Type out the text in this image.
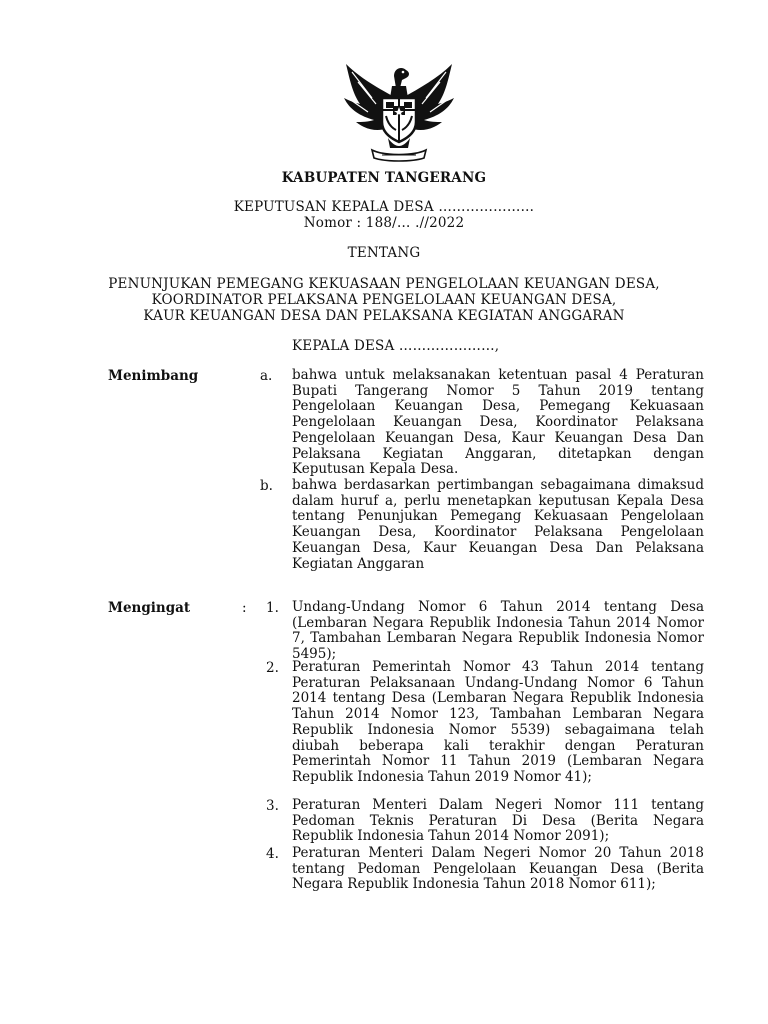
KABUPATEN TANGERANG
KEPUTUSAN KEPALA DESA …………………
Nomor : 188/… .//2022
TENTANG
PENUNJUKAN PEMEGANG KEKUASAAN PENGELOLAAN KEUANGAN DESA,
KOORDINATOR PELAKSANA PENGELOLAAN KEUANGAN DESA,
KAUR KEUANGAN DESA DAN PELAKSANA KEGIATAN ANGGARAN
KEPALA DESA …………………,
Menimbang	a. bahwa untuk melaksanakan ketentuan pasal 4 Peraturan Bupati Tangerang Nomor 5 Tahun 2019 tentang Pengelolaan Keuangan Desa, Pemegang Kekuasaan Pengelolaan Keuangan Desa, Koordinator Pelaksana Pengelolaan Keuangan Desa, Kaur Keuangan Desa Dan Pelaksana Kegiatan Anggaran, ditetapkan dengan Keputusan Kepala Desa.
b. bahwa berdasarkan pertimbangan sebagaimana dimaksud dalam huruf a, perlu menetapkan keputusan Kepala Desa tentang Penunjukan Pemegang Kekuasaan Pengelolaan Keuangan Desa, Koordinator Pelaksana Pengelolaan Keuangan Desa, Kaur Keuangan Desa Dan Pelaksana Kegiatan Anggaran
Mengingat	: 1. Undang-Undang Nomor 6 Tahun 2014 tentang Desa (Lembaran Negara Republik Indonesia Tahun 2014 Nomor 7, Tambahan Lembaran Negara Republik Indonesia Nomor 5495);
2. Peraturan Pemerintah Nomor 43 Tahun 2014 tentang Peraturan Pelaksanaan Undang-Undang Nomor 6 Tahun 2014 tentang Desa (Lembaran Negara Republik Indonesia Tahun 2014 Nomor 123, Tambahan Lembaran Negara Republik Indonesia Nomor 5539) sebagaimana telah diubah beberapa kali terakhir dengan Peraturan Pemerintah Nomor 11 Tahun 2019 (Lembaran Negara Republik Indonesia Tahun 2019 Nomor 41);
3. Peraturan Menteri Dalam Negeri Nomor 111 tentang Pedoman Teknis Peraturan Di Desa (Berita Negara Republik Indonesia Tahun 2014 Nomor 2091);
4. Peraturan Menteri Dalam Negeri Nomor 20 Tahun 2018 tentang Pedoman Pengelolaan Keuangan Desa (Berita Negara Republik Indonesia Tahun 2018 Nomor 611);
